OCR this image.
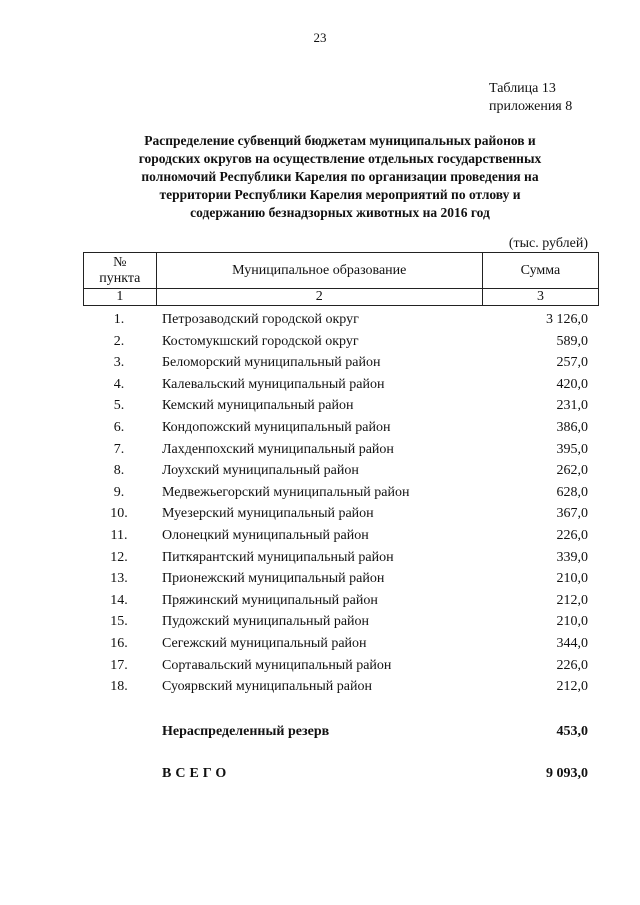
23
Таблица 13
приложения 8
Распределение субвенций бюджетам муниципальных районов и
городских округов на осуществление отдельных государственных
полномочий Республики Карелия по организации проведения на
территории Республики Карелия мероприятий по отлову и
содержанию безнадзорных животных на 2016 год
(тыс. рублей)
№
пункта	Муниципальное образование	Сумма
1	2	3
1.	Петрозаводский городской округ	3 126,0
2.	Костомукшский городской округ	589,0
3.	Беломорский муниципальный район	257,0
4.	Калевальский муниципальный район	420,0
5.	Кемский муниципальный район	231,0
6.	Кондопожский муниципальный район	386,0
7.	Лахденпохский муниципальный район	395,0
8.	Лоухский муниципальный район	262,0
9.	Медвежьегорский муниципальный район	628,0
10.	Муезерский муниципальный район	367,0
11.	Олонецкий муниципальный район	226,0
12.	Питкярантский муниципальный район	339,0
13.	Прионежский муниципальный район	210,0
14.	Пряжинский муниципальный район	212,0
15.	Пудожский муниципальный район	210,0
16.	Сегежский муниципальный район	344,0
17.	Сортавальский муниципальный район	226,0
18.	Суоярвский муниципальный район	212,0
Нераспределенный резерв	453,0
ВСЕГО	9 093,0
